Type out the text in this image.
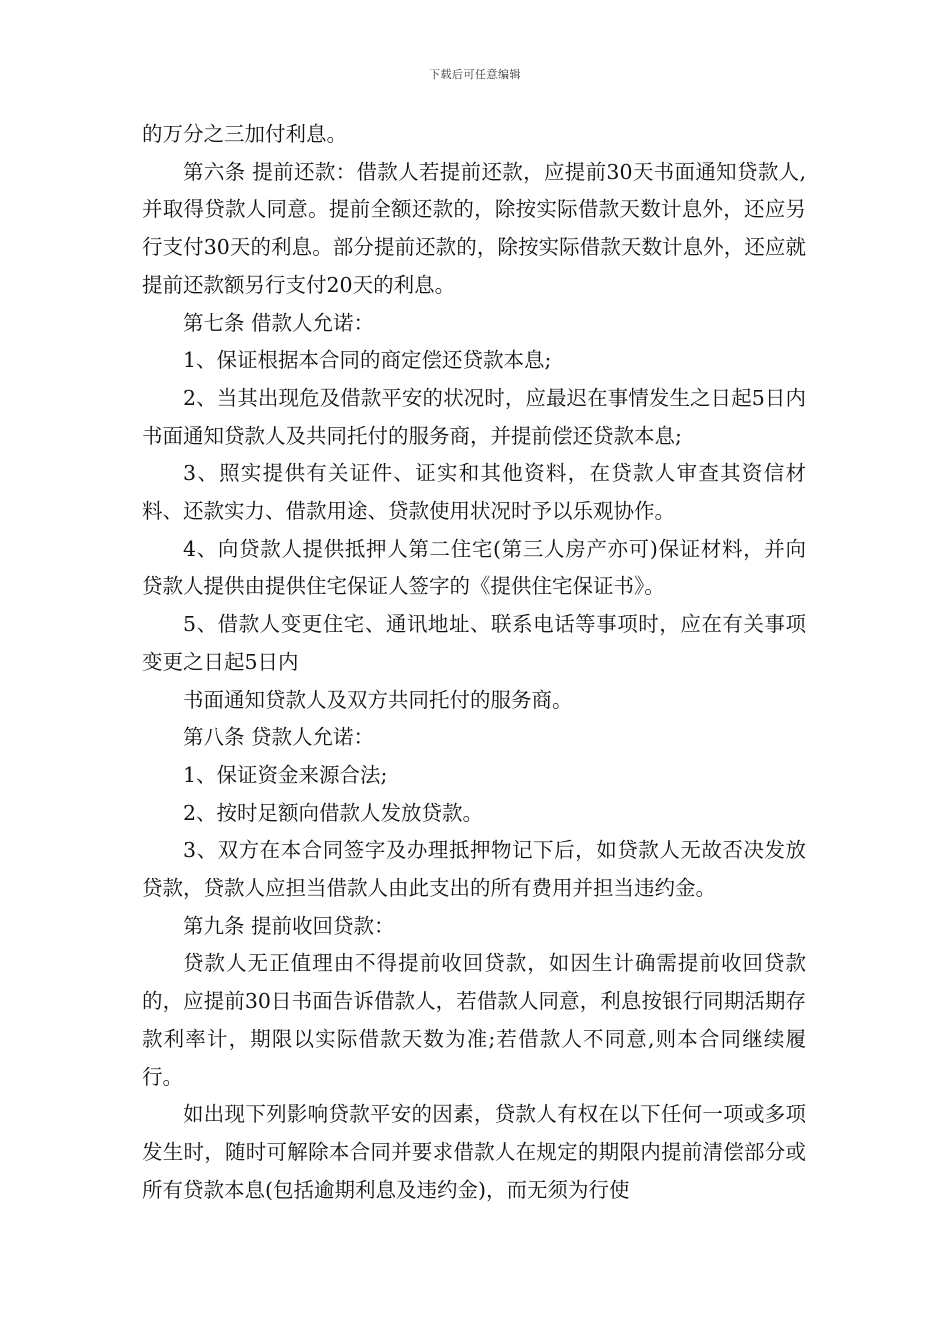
下载后可任意编辑

的万分之三加付利息。

第六条 提前还款：借款人若提前还款，应提前30天书面通知贷款人,并取得贷款人同意。提前全额还款的，除按实际借款天数计息外，还应另行支付30天的利息。部分提前还款的，除按实际借款天数计息外，还应就提前还款额另行支付20天的利息。

第七条 借款人允诺：

1、保证根据本合同的商定偿还贷款本息;

2、当其出现危及借款平安的状况时，应最迟在事情发生之日起5日内书面通知贷款人及共同托付的服务商，并提前偿还贷款本息;

3、照实提供有关证件、证实和其他资料，在贷款人审查其资信材料、还款实力、借款用途、贷款使用状况时予以乐观协作。

4、向贷款人提供抵押人第二住宅(第三人房产亦可)保证材料，并向贷款人提供由提供住宅保证人签字的《提供住宅保证书》。

5、借款人变更住宅、通讯地址、联系电话等事项时，应在有关事项变更之日起5日内

书面通知贷款人及双方共同托付的服务商。

第八条 贷款人允诺：

1、保证资金来源合法;

2、按时足额向借款人发放贷款。

3、双方在本合同签字及办理抵押物记下后，如贷款人无故否决发放贷款，贷款人应担当借款人由此支出的所有费用并担当违约金。

第九条 提前收回贷款：

贷款人无正值理由不得提前收回贷款，如因生计确需提前收回贷款的，应提前30日书面告诉借款人，若借款人同意，利息按银行同期活期存款利率计，期限以实际借款天数为准;若借款人不同意,则本合同继续履行。

如出现下列影响贷款平安的因素，贷款人有权在以下任何一项或多项发生时，随时可解除本合同并要求借款人在规定的期限内提前清偿部分或所有贷款本息(包括逾期利息及违约金)，而无须为行使
